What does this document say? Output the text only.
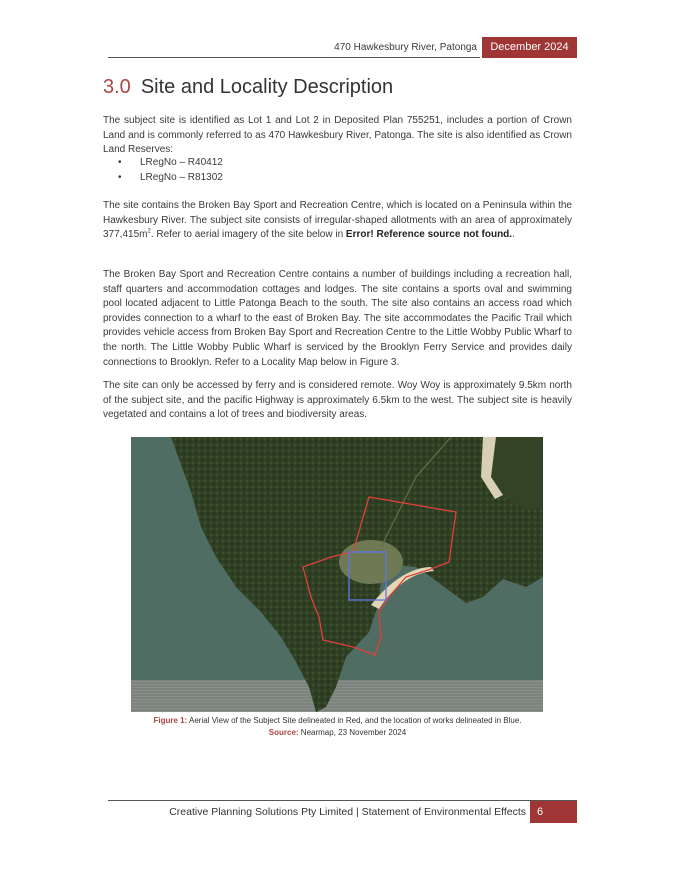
470 Hawkesbury River, Patonga	December 2024
3.0 Site and Locality Description
The subject site is identified as Lot 1 and Lot 2 in Deposited Plan 755251, includes a portion of Crown Land and is commonly referred to as 470 Hawkesbury River, Patonga. The site is also identified as Crown Land Reserves:
• LRegNo – R40412
• LRegNo – R81302
The site contains the Broken Bay Sport and Recreation Centre, which is located on a Peninsula within the Hawkesbury River. The subject site consists of irregular-shaped allotments with an area of approximately $377,415m^2$. Refer to aerial imagery of the site below in Error! Reference source not found..
The Broken Bay Sport and Recreation Centre contains a number of buildings including a recreation hall, staff quarters and accommodation cottages and lodges. The site contains a sports oval and swimming pool located adjacent to Little Patonga Beach to the south. The site also contains an access road which provides connection to a wharf to the east of Broken Bay. The site accommodates the Pacific Trail which provides vehicle access from Broken Bay Sport and Recreation Centre to the Little Wobby Public Wharf to the north. The Little Wobby Public Wharf is serviced by the Brooklyn Ferry Service and provides daily connections to Brooklyn. Refer to a Locality Map below in Figure 3.
The site can only be accessed by ferry and is considered remote. Woy Woy is approximately 9.5km north of the subject site, and the pacific Highway is approximately 6.5km to the west. The subject site is heavily vegetated and contains a lot of trees and biodiversity areas.
Figure 1: Aerial View of the Subject Site delineated in Red, and the location of works delineated in Blue.
Source: Nearmap, 23 November 2024
Creative Planning Solutions Pty Limited | Statement of Environmental Effects	6
